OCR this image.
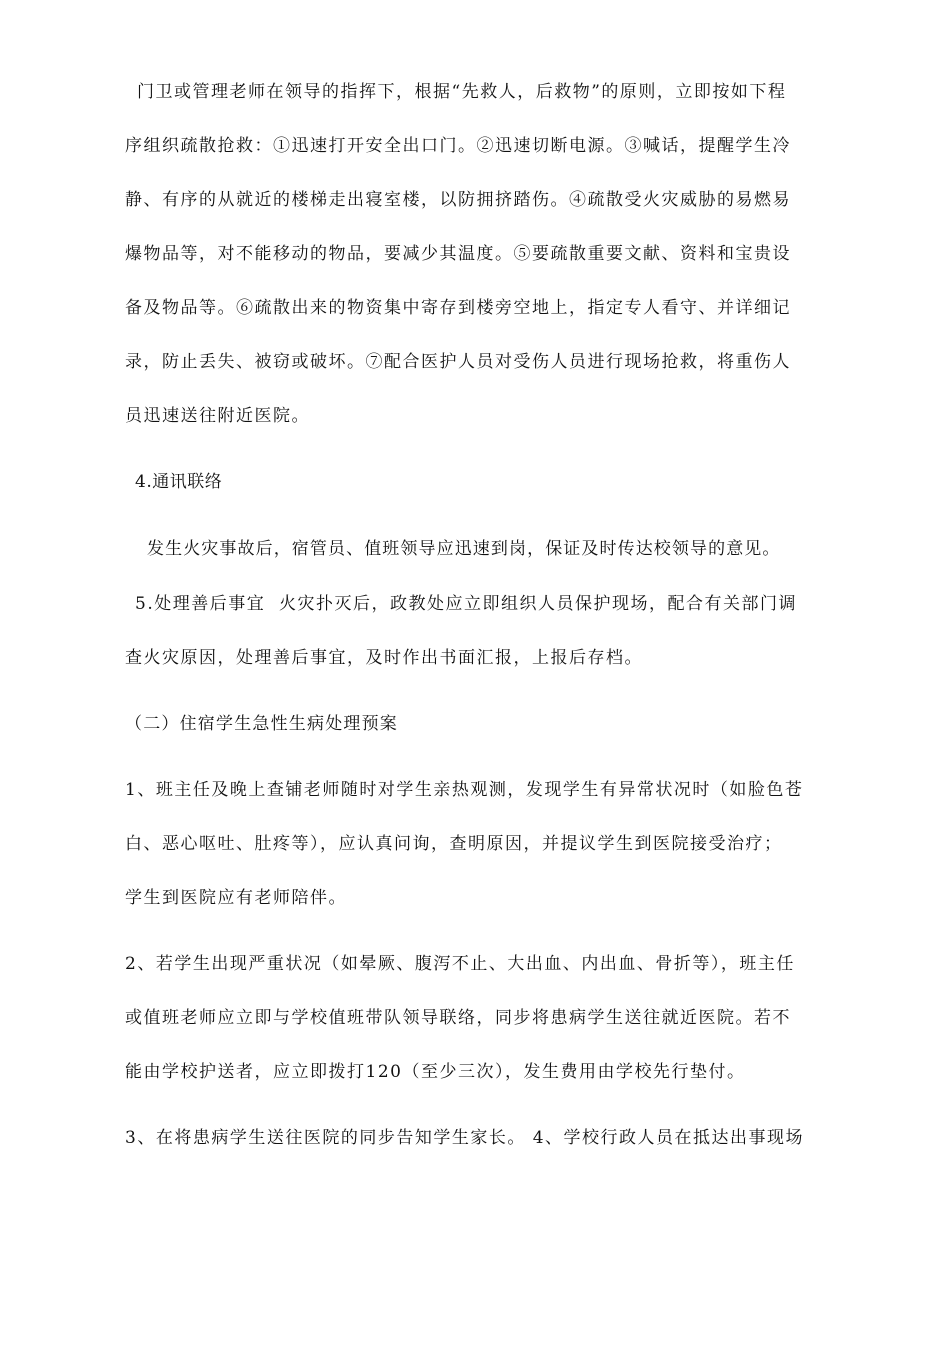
门卫或管理老师在领导的指挥下，根据“先救人，后救物”的原则，立即按如下程
序组织疏散抢救：①迅速打开安全出口门。②迅速切断电源。③喊话，提醒学生冷
静、有序的从就近的楼梯走出寝室楼，以防拥挤踏伤。④疏散受火灾威胁的易燃易
爆物品等，对不能移动的物品，要减少其温度。⑤要疏散重要文献、资料和宝贵设
备及物品等。⑥疏散出来的物资集中寄存到楼旁空地上，指定专人看守、并详细记
录，防止丢失、被窃或破坏。⑦配合医护人员对受伤人员进行现场抢救，将重伤人
员迅速送往附近医院。
4.通讯联络
发生火灾事故后，宿管员、值班领导应迅速到岗，保证及时传达校领导的意见。
5.处理善后事宜  火灾扑灭后，政教处应立即组织人员保护现场，配合有关部门调
查火灾原因，处理善后事宜，及时作出书面汇报，上报后存档。
（二）住宿学生急性生病处理预案
1、班主任及晚上查铺老师随时对学生亲热观测，发现学生有异常状况时（如脸色苍
白、恶心呕吐、肚疼等），应认真问询，查明原因，并提议学生到医院接受治疗；
学生到医院应有老师陪伴。
2、若学生出现严重状况（如晕厥、腹泻不止、大出血、内出血、骨折等），班主任
或值班老师应立即与学校值班带队领导联络，同步将患病学生送往就近医院。若不
能由学校护送者，应立即拨打120（至少三次），发生费用由学校先行垫付。
3、在将患病学生送往医院的同步告知学生家长。 4、学校行政人员在抵达出事现场
